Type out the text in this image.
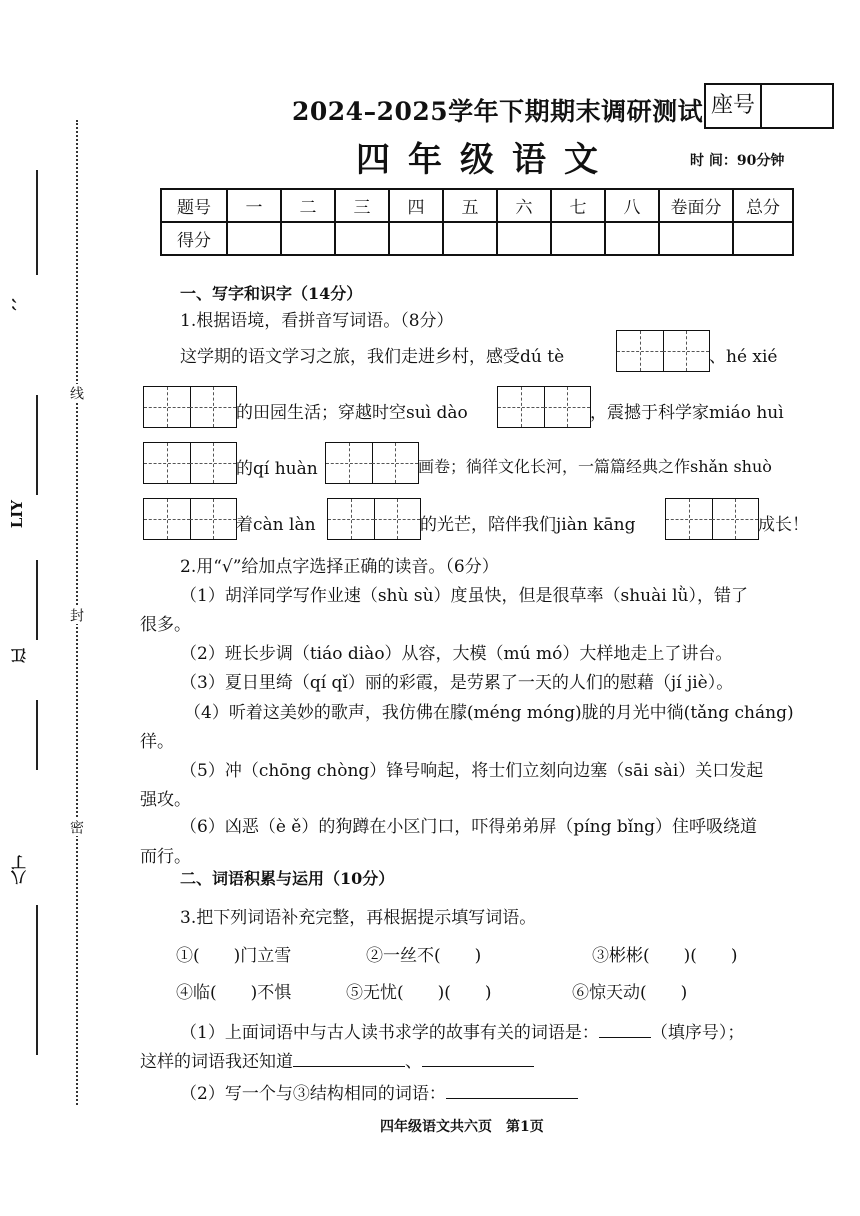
线
封
密
、、
LIY
江
八丁
2024–2025学年下期期末调研测试 座号
四年级语文	时 间：90分钟
题号	一	二	三	四	五	六	七	八	卷面分	总分
得分										
一、写字和识字（14分）
1.根据语境，看拼音写词语。（8分）
这学期的语文学习之旅，我们走进乡村，感受dú tè	、hé xié
的田园生活；穿越时空suì dào	，震撼于科学家miáo huì
的qí huàn	画卷；徜徉文化长河，一篇篇经典之作shǎn shuò
着càn làn	的光芒，陪伴我们jiàn kāng	成长！
2.用“√”给加点字选择正确的读音。（6分）
（1）胡洋同学写作业速（shù sù）度虽快，但是很草率（shuài lǜ），错了
很多。
（2）班长步调（tiáo diào）从容，大模（mú mó）大样地走上了讲台。
（3）夏日里绮（qí qǐ）丽的彩霞，是劳累了一天的人们的慰藉（jí jiè）。
（4）听着这美妙的歌声，我仿佛在朦(méng móng)胧的月光中徜(tǎng cháng)
徉。
（5）冲（chōng chòng）锋号响起，将士们立刻向边塞（sāi sài）关口发起
强攻。
（6）凶恶（è ě）的狗蹲在小区门口，吓得弟弟屏（píng bǐng）住呼吸绕道
而行。
二、词语积累与运用（10分）
3.把下列词语补充完整，再根据提示填写词语。
①(　　)门立雪	②一丝不(　　)	③彬彬(　　)(　　)
④临(　　)不惧	⑤无忧(　　)(　　)	⑥惊天动(　　)
（1）上面词语中与古人读书求学的故事有关的词语是：	（填序号）；
这样的词语我还知道	、
（2）写一个与③结构相同的词语：
四年级语文共六页　第1页
